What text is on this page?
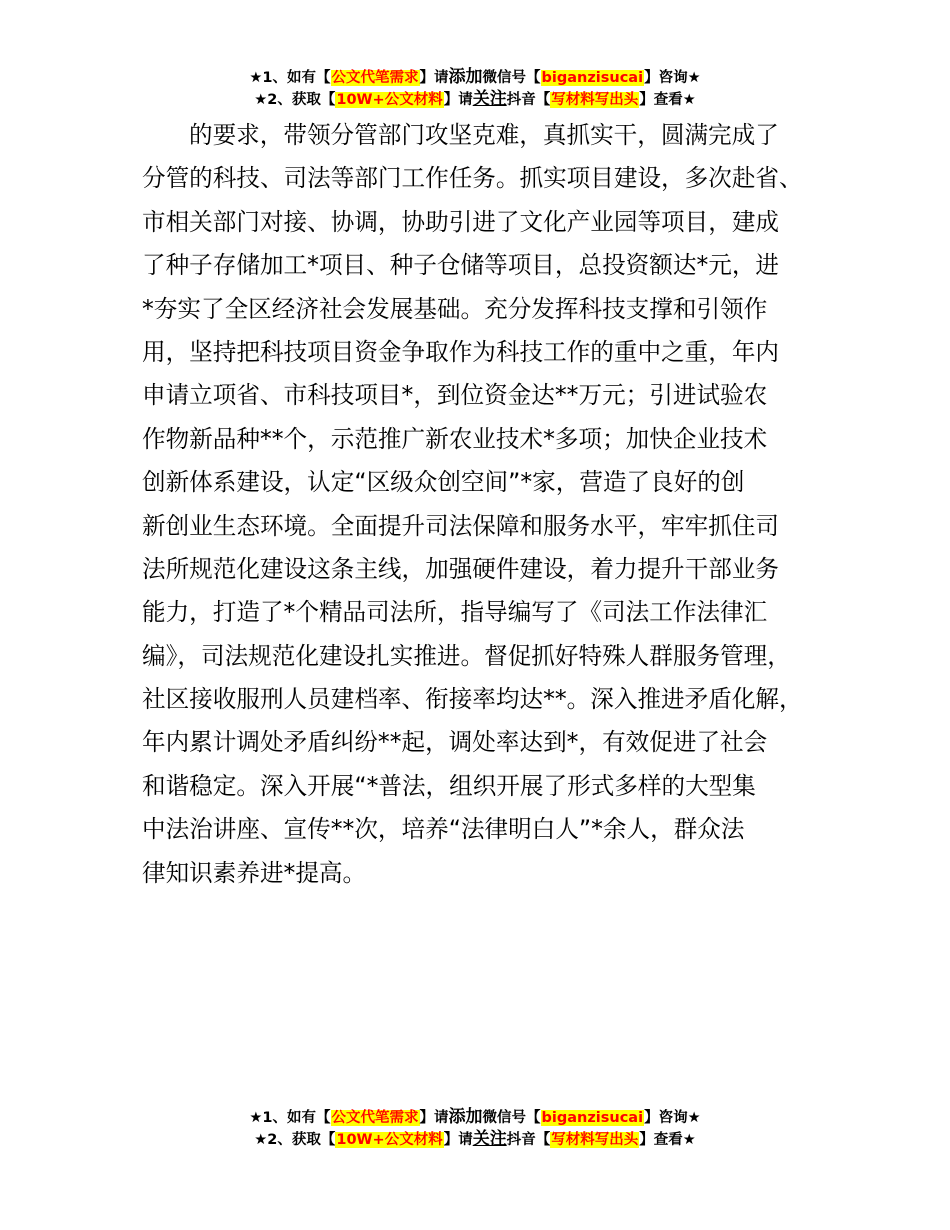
★1、如有【公文代笔需求】请添加微信号【biganzisucai】咨询★
★2、获取【10W+公文材料】请关注抖音【写材料写出头】查看★
的要求，带领分管部门攻坚克难，真抓实干，圆满完成了
分管的科技、司法等部门工作任务。抓实项目建设，多次赴省、
市相关部门对接、协调，协助引进了文化产业园等项目，建成
了种子存储加工*项目、种子仓储等项目，总投资额达*元，进
*夯实了全区经济社会发展基础。充分发挥科技支撑和引领作
用，坚持把科技项目资金争取作为科技工作的重中之重，年内
申请立项省、市科技项目*，到位资金达**万元；引进试验农
作物新品种**个，示范推广新农业技术*多项；加快企业技术
创新体系建设，认定“区级众创空间”*家，营造了良好的创
新创业生态环境。全面提升司法保障和服务水平，牢牢抓住司
法所规范化建设这条主线，加强硬件建设，着力提升干部业务
能力，打造了*个精品司法所，指导编写了《司法工作法律汇
编》，司法规范化建设扎实推进。督促抓好特殊人群服务管理，
社区接收服刑人员建档率、衔接率均达**。深入推进矛盾化解，
年内累计调处矛盾纠纷**起，调处率达到*，有效促进了社会
和谐稳定。深入开展“*普法，组织开展了形式多样的大型集
中法治讲座、宣传**次，培养“法律明白人”*余人，群众法
律知识素养进*提高。
★1、如有【公文代笔需求】请添加微信号【biganzisucai】咨询★
★2、获取【10W+公文材料】请关注抖音【写材料写出头】查看★
